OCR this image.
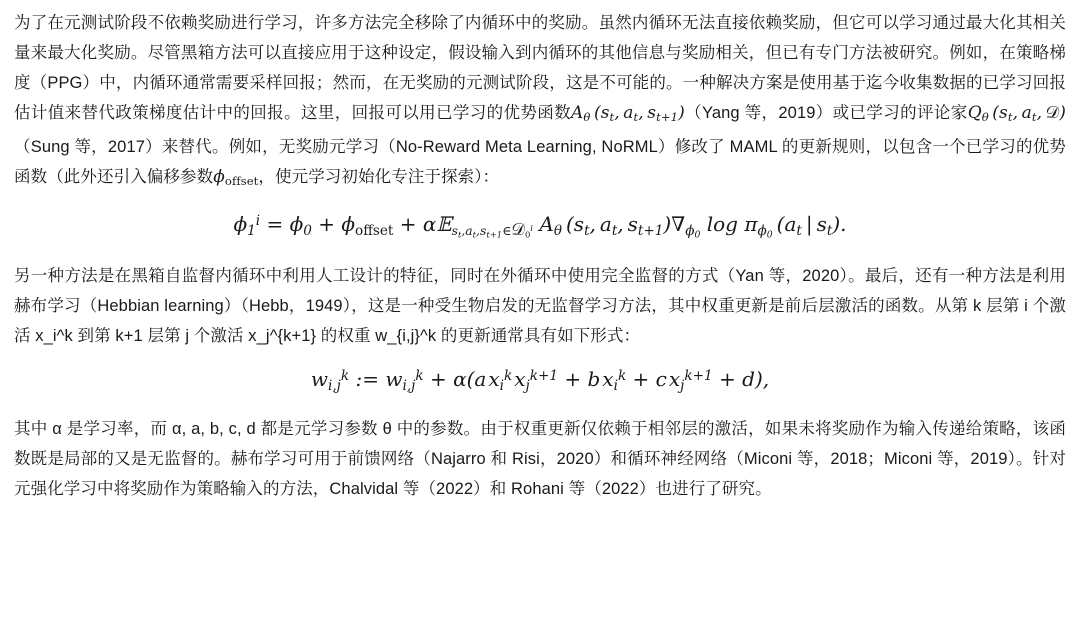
为了在元测试阶段不依赖奖励进行学习，许多方法完全移除了内循环中的奖励。虽然内循环无法直接依赖奖励，但它可以学习通过最大化其相关量来最大化奖励。尽管黑箱方法可以直接应用于这种设定，假设输入到内循环的其他信息与奖励相关，但已有专门方法被研究。例如，在策略梯度（PPG）中，内循环通常需要采样回报；然而，在无奖励的元测试阶段，这是不可能的。一种解决方案是使用基于迄今收集数据的已学习回报估计值来替代政策梯度估计中的回报。这里，回报可以用已学习的优势函数$A_\theta$ ($s_t$, $a_t$, $s_{t+1})(Yang$ 等，2019）或已学习的评论家$Q_\theta$ ($s_t$, $a_t$, 𝒟)（Sung 等，2017）来替代。例如，无奖励元学习（No-Reward Meta Learning, NoRML）修改了 MAML 的更新规则，以包含一个已学习的优势函数（此外还引入偏移参数$\phi_{offset}$，使元学习初始化专注于探索）：

$\phi_1^i = \phi_0 + \phi_{offset}$ + $\alpha 𝔼s_t,a_t,s_{t+1}\in 𝒟_0^i$ $A_\theta$ ($s_t$, $a_t$, $s_{t+1})\nabla_{\phi_0}$ $\log \pi_{\phi_0}$ ($a_t$ | $s_t$).

另一种方法是在黑箱自监督内循环中利用人工设计的特征，同时在外循环中使用完全监督的方式（Yan 等，2020）。最后，还有一种方法是利用赫布学习（Hebbian learning）（Hebb，1949），这是一种受生物启发的无监督学习方法，其中权重更新是前后层激活的函数。从第 k 层第 i 个激活 x_i^k 到第 k+1 层第 j 个激活 x_j^{k+1} 的权重 w_{i,j}^k 的更新通常具有如下形式：

$w_{i,j}^k$ := $w_{i,j}^k + \alpha(a$ $x_i^k$ $x_j^{k+1} + b$ $x_i^k + c$ $x_j^{k+1} + d$),

其中 α 是学习率，而 α, a, b, c, d 都是元学习参数 θ 中的参数。由于权重更新仅依赖于相邻层的激活，如果未将奖励作为输入传递给策略，该函数既是局部的又是无监督的。赫布学习可用于前馈网络（Najarro 和 Risi，2020）和循环神经网络（Miconi 等，2018；Miconi 等，2019）。针对元强化学习中将奖励作为策略输入的方法，Chalvidal 等（2022）和 Rohani 等（2022）也进行了研究。
